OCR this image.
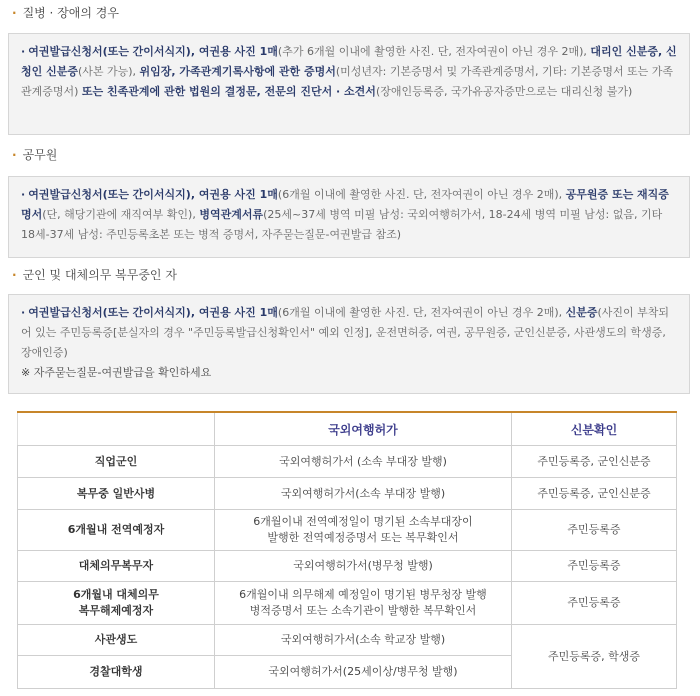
· 질병 · 장애의 경우
· 여권발급신청서(또는 간이서식지), 여권용 사진 1매(추가 6개월 이내에 촬영한 사진. 단, 전자여권이 아닌 경우 2매), 대리인 신분증, 신청인 신분증(사본 가능), 위임장, 가족관계기록사항에 관한 증명서(미성년자: 기본증명서 및 가족관계증명서, 기타: 기본증명서 또는 가족관계증명서) 또는 친족관계에 관한 법원의 결정문, 전문의 진단서 · 소견서(장애인등록증, 국가유공자증만으로는 대리신청 불가)
· 공무원
· 여권발급신청서(또는 간이서식지), 여권용 사진 1매(6개월 이내에 촬영한 사진. 단, 전자여권이 아닌 경우 2매), 공무원증 또는 재직증명서(단, 해당기관에 재직여부 확인), 병역관계서류(25세~37세 병역 미필 남성: 국외여행허가서, 18-24세 병역 미필 남성: 없음, 기타 18세-37세 남성: 주민등록초본 또는 병적 증명서, 자주묻는질문-여권발급 참조)
· 군인 및 대체의무 복무중인 자
· 여권발급신청서(또는 간이서식지), 여권용 사진 1매(6개월 이내에 촬영한 사진. 단, 전자여권이 아닌 경우 2매), 신분증(사진이 부착되어 있는 주민등록증[분실자의 경우 "주민등록발급신청확인서" 예외 인정], 운전면허증, 여권, 공무원증, 군인신분증, 사관생도의 학생증, 장애인증)
※ 자주묻는질문-여권발급을 확인하세요
	국외여행허가	신분확인
직업군인	국외여행허가서 (소속 부대장 발행)	주민등록증, 군인신분증
복무중 일반사병	국외여행허가서(소속 부대장 발행)	주민등록증, 군인신분증
6개월내 전역예정자	6개월이내 전역예정일이 명기된 소속부대장이
발행한 전역예정증명서 또는 복무확인서	주민등록증
대체의무복무자	국외여행허가서(병무청 발행)	주민등록증
6개월내 대체의무
복무해제예정자	6개월이내 의무해제 예정일이 명기된 병무청장 발행
병적증명서 또는 소속기관이 발행한 복무확인서	주민등록증
사관생도	국외여행허가서(소속 학교장 발행)	주민등록증, 학생증
경찰대학생	국외여행허가서(25세이상/병무청 발행)	
